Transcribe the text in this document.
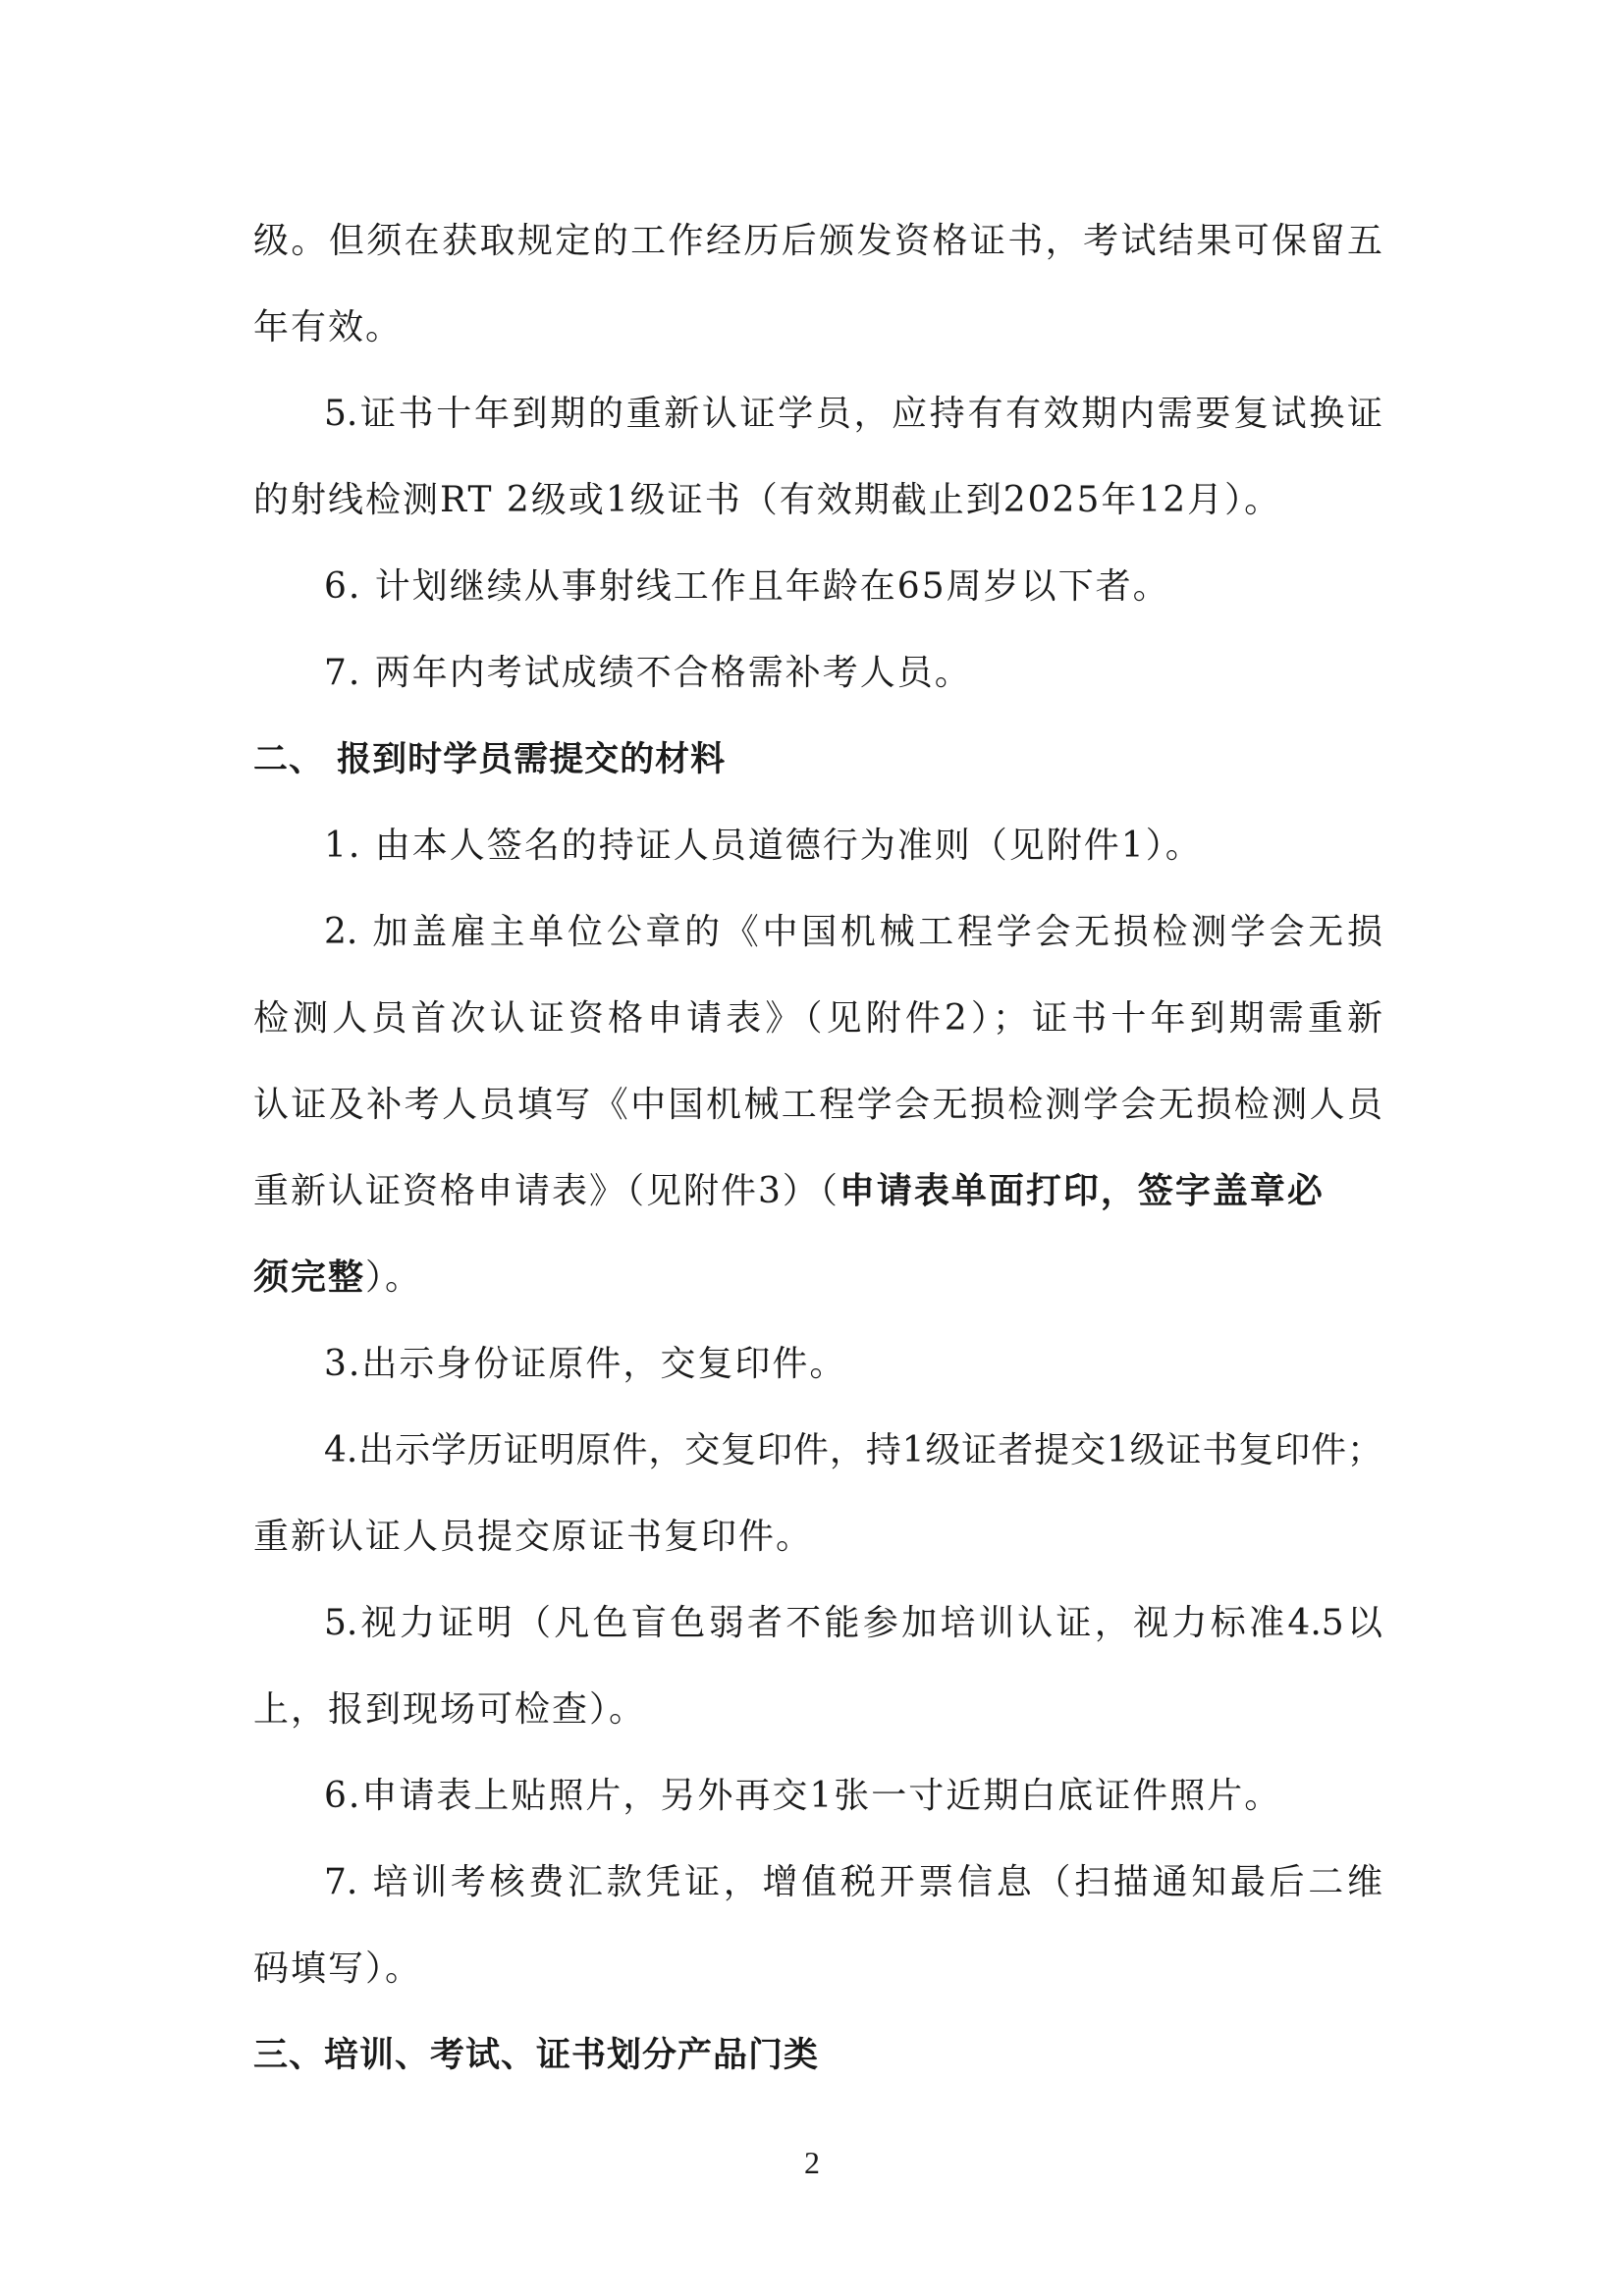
级。但须在获取规定的工作经历后颁发资格证书，考试结果可保留五
年有效。
5.证书十年到期的重新认证学员，应持有有效期内需要复试换证
的射线检测RT 2级或1级证书（有效期截止到2025年12月）。
6. 计划继续从事射线工作且年龄在65周岁以下者。
7. 两年内考试成绩不合格需补考人员。
二、 报到时学员需提交的材料
1. 由本人签名的持证人员道德行为准则（见附件1）。
2. 加盖雇主单位公章的《中国机械工程学会无损检测学会无损
检测人员首次认证资格申请表》（见附件2）；证书十年到期需重新
认证及补考人员填写《中国机械工程学会无损检测学会无损检测人员
重新认证资格申请表》（见附件3）（申请表单面打印，签字盖章必
须完整）。
3.出示身份证原件，交复印件。
4.出示学历证明原件，交复印件，持1级证者提交1级证书复印件；
重新认证人员提交原证书复印件。
5.视力证明（凡色盲色弱者不能参加培训认证，视力标准4.5以
上，报到现场可检查）。
6.申请表上贴照片，另外再交1张一寸近期白底证件照片。
7. 培训考核费汇款凭证，增值税开票信息（扫描通知最后二维
码填写）。
三、培训、考试、证书划分产品门类
2
